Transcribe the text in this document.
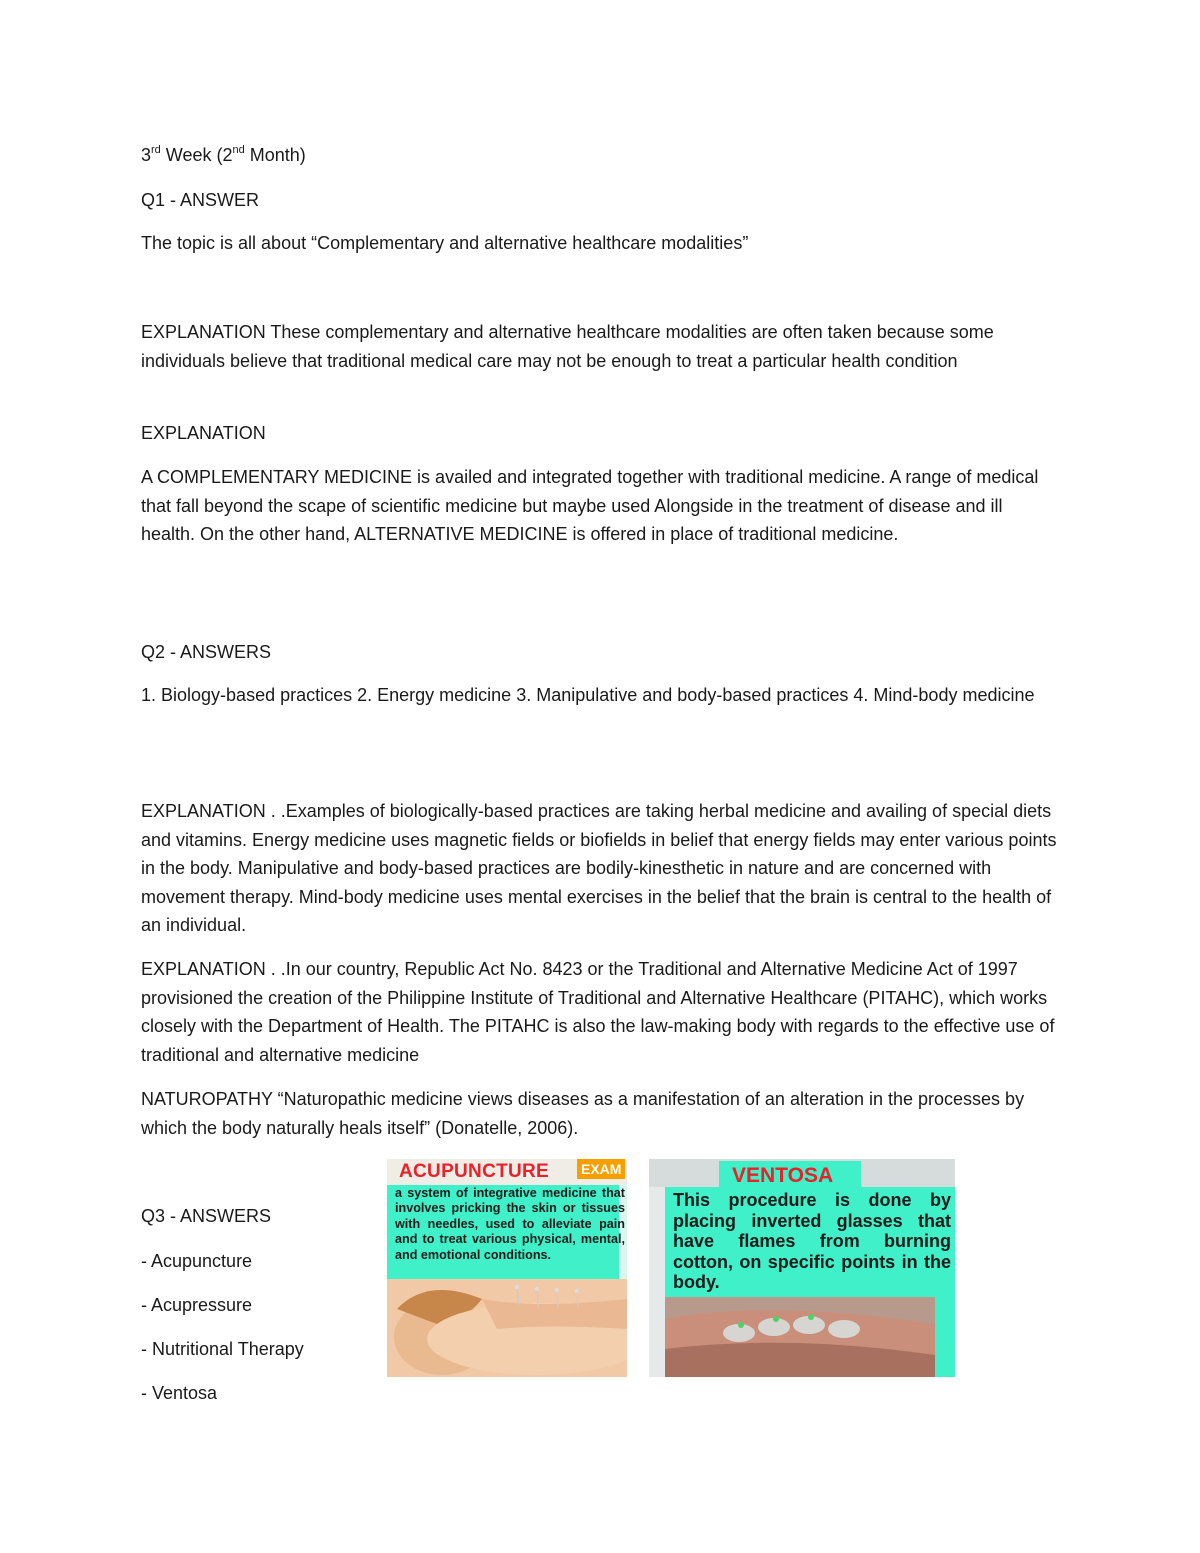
3rd Week (2nd Month)

Q1 - ANSWER

The topic is all about “Complementary and alternative healthcare modalities”

EXPLANATION These complementary and alternative healthcare modalities are often taken because some individuals believe that traditional medical care may not be enough to treat a particular health condition

EXPLANATION

A COMPLEMENTARY MEDICINE is availed and integrated together with traditional medicine. A range of medical that fall beyond the scape of scientific medicine but maybe used Alongside in the treatment of disease and ill health. On the other hand, ALTERNATIVE MEDICINE is offered in place of traditional medicine.

Q2 - ANSWERS

1. Biology-based practices 2. Energy medicine 3. Manipulative and body-based practices 4. Mind-body medicine

EXPLANATION . .Examples of biologically-based practices are taking herbal medicine and availing of special diets and vitamins. Energy medicine uses magnetic fields or biofields in belief that energy fields may enter various points in the body. Manipulative and body-based practices are bodily-kinesthetic in nature and are concerned with movement therapy. Mind-body medicine uses mental exercises in the belief that the brain is central to the health of an individual.

EXPLANATION . .In our country, Republic Act No. 8423 or the Traditional and Alternative Medicine Act of 1997 provisioned the creation of the Philippine Institute of Traditional and Alternative Healthcare (PITAHC), which works closely with the Department of Health. The PITAHC is also the law-making body with regards to the effective use of traditional and alternative medicine

NATUROPATHY “Naturopathic medicine views diseases as a manifestation of an alteration in the processes by which the body naturally heals itself” (Donatelle, 2006).

Q3 - ANSWERS

- Acupuncture
- Acupressure
- Nutritional Therapy
- Ventosa
ACUPUNCTURE EXAM
a system of integrative medicine that involves pricking the skin or tissues with needles, used to alleviate pain and to treat various physical, mental, and emotional conditions.
VENTOSA
This procedure is done by placing inverted glasses that have flames from burning cotton, on specific points in the body.
